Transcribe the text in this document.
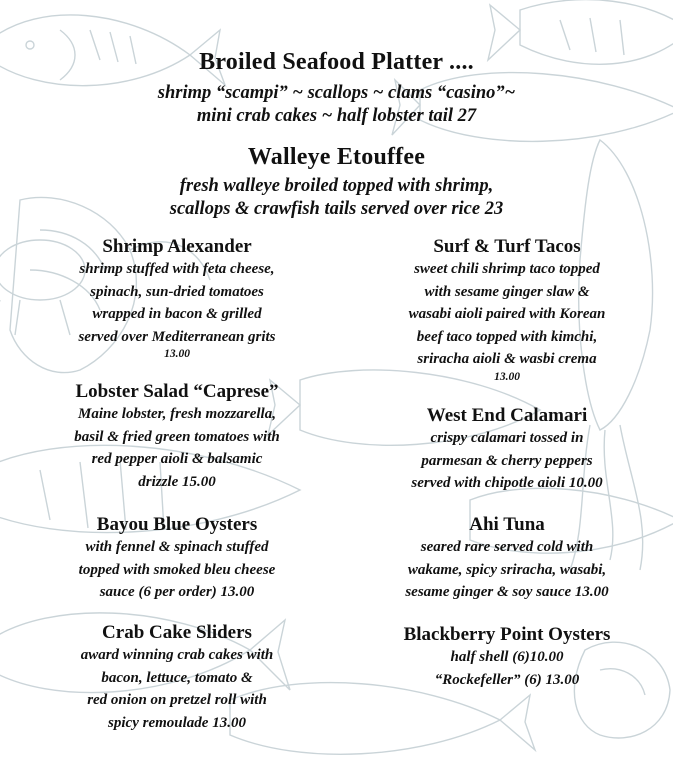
Broiled Seafood Platter ....
shrimp “scampi” ~ scallops ~ clams “casino”~
mini crab cakes ~ half lobster tail 27
Walleye Etouffee
fresh walleye broiled topped with shrimp,
scallops & crawfish tails served over rice 23
Shrimp Alexander
shrimp stuffed with feta cheese,
spinach, sun-dried tomatoes
wrapped in bacon & grilled
served over Mediterranean grits
13.00
Lobster Salad “Caprese”
Maine lobster, fresh mozzarella,
basil & fried green tomatoes with
red pepper aioli & balsamic
drizzle 15.00
Bayou Blue Oysters
with fennel & spinach stuffed
topped with smoked bleu cheese
sauce (6 per order) 13.00
Crab Cake Sliders
award winning crab cakes with
bacon, lettuce, tomato &
red onion on pretzel roll with
spicy remoulade 13.00
Surf & Turf Tacos
sweet chili shrimp taco topped
with sesame ginger slaw &
wasabi aioli paired with Korean
beef taco topped with kimchi,
sriracha aioli & wasbi crema
13.00
West End Calamari
crispy calamari tossed in
parmesan & cherry peppers
served with chipotle aioli 10.00
Ahi Tuna
seared rare served cold with
wakame, spicy sriracha, wasabi,
sesame ginger & soy sauce 13.00
Blackberry Point Oysters
half shell (6)10.00
“Rockefeller” (6) 13.00
